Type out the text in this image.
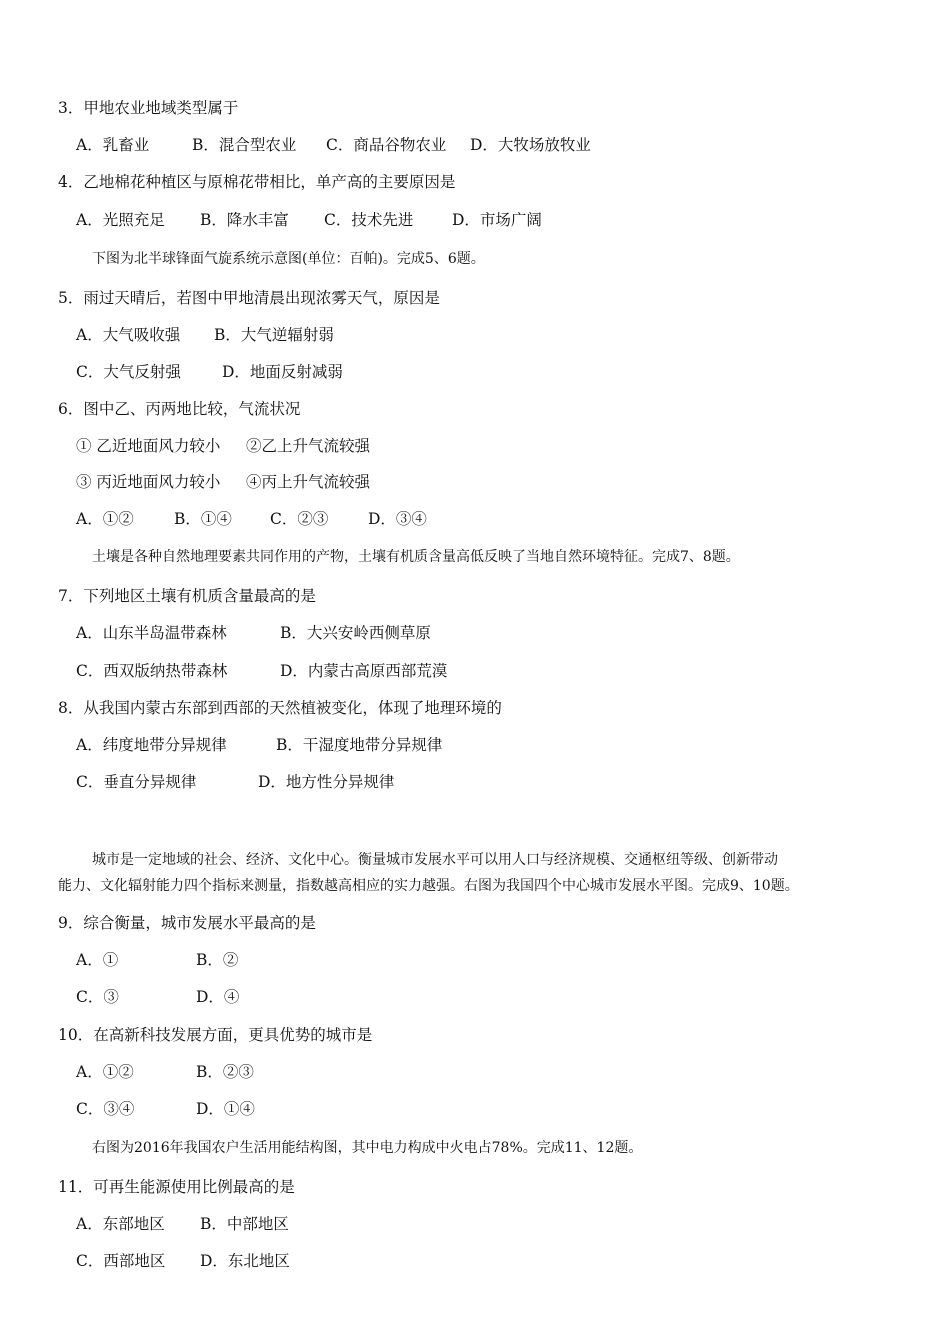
3．甲地农业地域类型属于
A．乳畜业	B．混合型农业 C．商品谷物农业 D．大牧场放牧业
4．乙地棉花种植区与原棉花带相比，单产高的主要原因是
A．光照充足 B．降水丰富 C．技术先进 D．市场广阔
下图为北半球锋面气旋系统示意图(单位：百帕)。完成5、6题。
5．雨过天晴后，若图中甲地清晨出现浓雾天气，原因是
A．大气吸收强 B．大气逆辐射弱
C．大气反射强	D．地面反射减弱
6．图中乙、丙两地比较，气流状况
① 乙近地面风力较小 ②乙上升气流较强
③ 丙近地面风力较小 ④丙上升气流较强
A．①②	B．①④ C．②③	D．③④
土壤是各种自然地理要素共同作用的产物，土壤有机质含量高低反映了当地自然环境特征。完成7、8题。
7．下列地区土壤有机质含量最高的是
A．山东半岛温带森林	B．大兴安岭西侧草原
C．西双版纳热带森林	D．内蒙古高原西部荒漠
8．从我国内蒙古东部到西部的天然植被变化，体现了地理环境的
A．纬度地带分异规律	B．干湿度地带分异规律
C．垂直分异规律	D．地方性分异规律
城市是一定地域的社会、经济、文化中心。衡量城市发展水平可以用人口与经济规模、交通枢纽等级、创新带动
能力、文化辐射能力四个指标来测量，指数越高相应的实力越强。右图为我国四个中心城市发展水平图。完成9、10题。
9．综合衡量，城市发展水平最高的是
A．①	B．②
C．③	D．④
10．在高新科技发展方面，更具优势的城市是
A．①②	B．②③
C．③④	D．①④
右图为2016年我国农户生活用能结构图，其中电力构成中火电占78%。完成11、12题。
11．可再生能源使用比例最高的是
A．东部地区 B．中部地区
C．西部地区 D．东北地区
